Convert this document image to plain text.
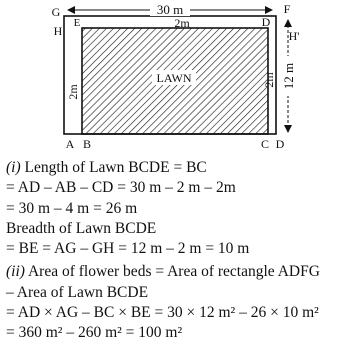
LAWN
30 m
12 m
2m
2m
2m
G
H
E
A B
F
D
H'
C D
(i) Length of Lawn BCDE = BC
= AD – AB – CD = 30 m – 2 m – 2m
= 30 m – 4 m = 26 m
Breadth of Lawn BCDE
= BE = AG – GH = 12 m – 2 m = 10 m
(ii) Area of flower beds = Area of rectangle ADFG
– Area of Lawn BCDE
= AD × AG – BC × BE = 30 × 12 m² – 26 × 10 m²
= 360 m² – 260 m² = 100 m²
